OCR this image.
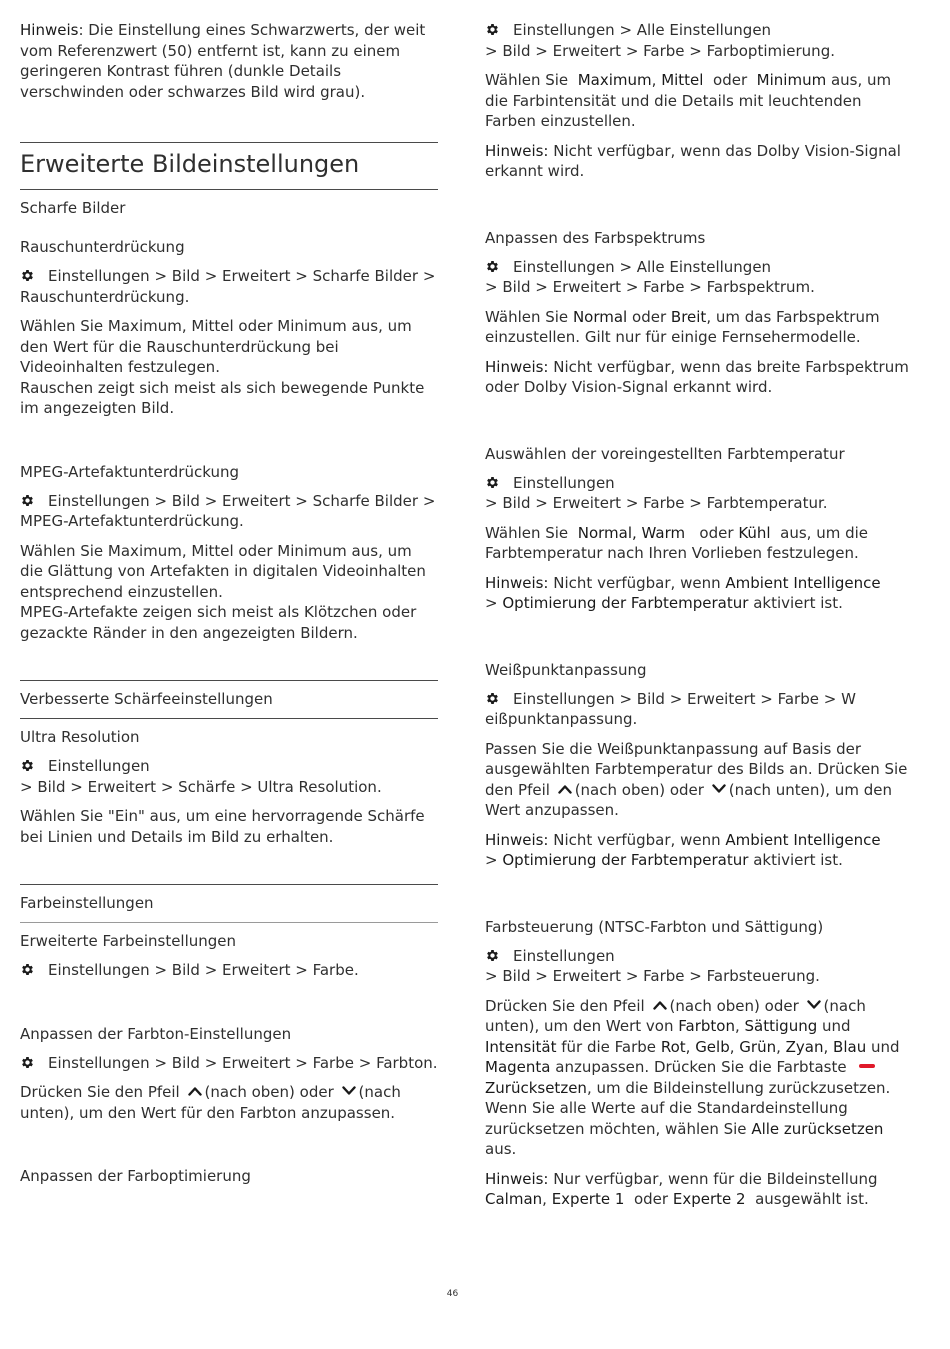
Hinweis: Die Einstellung eines Schwarzwerts, der weit vom Referenzwert (50) entfernt ist, kann zu einem geringeren Kontrast führen (dunkle Details verschwinden oder schwarzes Bild wird grau).

Erweiterte Bildeinstellungen
Scharfe Bilder
Rauschunterdrückung

Einstellungen > Bild > Erweitert > Scharfe Bilder > Rauschunterdrückung.

Wählen Sie Maximum, Mittel oder Minimum aus, um den Wert für die Rauschunterdrückung bei Videoinhalten festzulegen.

Rauschen zeigt sich meist als sich bewegende Punkte im angezeigten Bild.

MPEG-Artefaktunterdrückung

Einstellungen > Bild > Erweitert > Scharfe Bilder > MPEG-Artefaktunterdrückung.

Wählen Sie Maximum, Mittel oder Minimum aus, um die Glättung von Artefakten in digitalen Videoinhalten entsprechend einzustellen.

MPEG-Artefakte zeigen sich meist als Klötzchen oder gezackte Ränder in den angezeigten Bildern.

Verbesserte Schärfeeinstellungen
Ultra Resolution

Einstellungen
> Bild > Erweitert > Schärfe > Ultra Resolution.

Wählen Sie "Ein" aus, um eine hervorragende Schärfe bei Linien und Details im Bild zu erhalten.

Farbeinstellungen
Erweiterte Farbeinstellungen

Einstellungen > Bild > Erweitert > Farbe.

Anpassen der Farbton-Einstellungen

Einstellungen > Bild > Erweitert > Farbe > Farbton.

Drücken Sie den Pfeil (nach oben) oder (nach unten), um den Wert für den Farbton anzupassen.

Anpassen der Farboptimierung

Einstellungen > Alle Einstellungen
> Bild > Erweitert > Farbe > Farboptimierung.

Wählen Sie Maximum, Mittel oder Minimum aus, um die Farbintensität und die Details mit leuchtenden Farben einzustellen.

Hinweis: Nicht verfügbar, wenn das Dolby Vision-Signal erkannt wird.

Anpassen des Farbspektrums

Einstellungen > Alle Einstellungen
> Bild > Erweitert > Farbe > Farbspektrum.

Wählen Sie Normal oder Breit, um das Farbspektrum einzustellen. Gilt nur für einige Fernsehermodelle.

Hinweis: Nicht verfügbar, wenn das breite Farbspektrum oder Dolby Vision-Signal erkannt wird.

Auswählen der voreingestellten Farbtemperatur

Einstellungen
> Bild > Erweitert > Farbe > Farbtemperatur.

Wählen Sie Normal, Warm oder Kühl aus, um die Farbtemperatur nach Ihren Vorlieben festzulegen.

Hinweis: Nicht verfügbar, wenn Ambient Intelligence
> Optimierung der Farbtemperatur aktiviert ist.

Weißpunktanpassung

Einstellungen > Bild > Erweitert > Farbe > W
eißpunktanpassung.

Passen Sie die Weißpunktanpassung auf Basis der ausgewählten Farbtemperatur des Bilds an. Drücken Sie den Pfeil (nach oben) oder (nach unten), um den Wert anzupassen.

Hinweis: Nicht verfügbar, wenn Ambient Intelligence
> Optimierung der Farbtemperatur aktiviert ist.

Farbsteuerung (NTSC-Farbton und Sättigung)

Einstellungen
> Bild > Erweitert > Farbe > Farbsteuerung.

Drücken Sie den Pfeil (nach oben) oder (nach unten), um den Wert von Farbton, Sättigung und Intensität für die Farbe Rot, Gelb, Grün, Zyan, Blau und Magenta anzupassen. Drücken Sie die Farbtaste Zurücksetzen, um die Bildeinstellung zurückzusetzen. Wenn Sie alle Werte auf die Standardeinstellung zurücksetzen möchten, wählen Sie Alle zurücksetzen aus.

Hinweis: Nur verfügbar, wenn für die Bildeinstellung Calman, Experte 1 oder Experte 2 ausgewählt ist.

46
